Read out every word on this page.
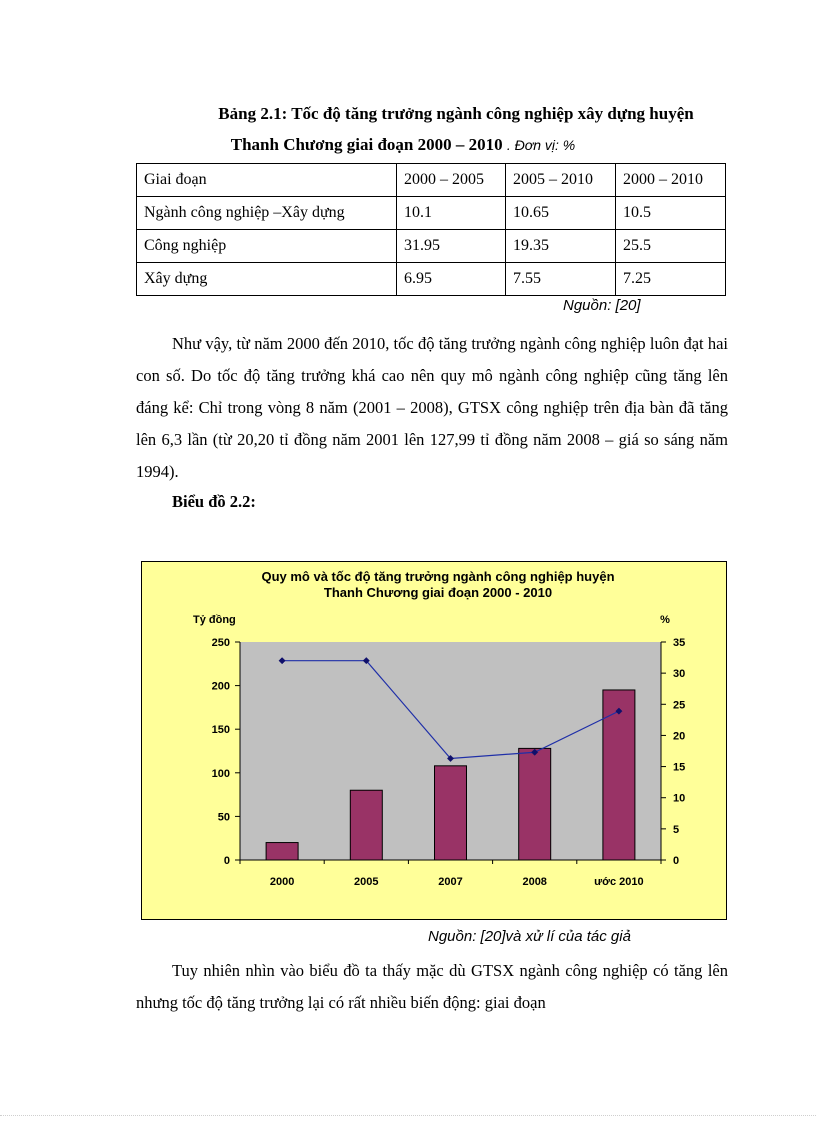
Bảng 2.1: Tốc độ tăng trưởng ngành công nghiệp xây dựng huyện
Thanh Chương giai đoạn 2000 – 2010 . Đơn vị: %
Giai đoạn	2000 – 2005	2005 – 2010	2000 – 2010
Ngành công nghiệp –Xây dựng	10.1	10.65	10.5
Công nghiệp	31.95	19.35	25.5
Xây dựng	6.95	7.55	7.25
Nguồn: [20]

Như vậy, từ năm 2000 đến 2010, tốc độ tăng trưởng ngành công nghiệp luôn đạt hai con số. Do tốc độ tăng trưởng khá cao nên quy mô ngành công nghiệp cũng tăng lên đáng kể: Chỉ trong vòng 8 năm (2001 – 2008), GTSX công nghiệp trên địa bàn đã tăng lên 6,3 lần (từ 20,20 tỉ đồng năm 2001 lên 127,99 tỉ đồng năm 2008 – giá so sáng năm 1994).

Biểu đồ 2.2:
Quy mô và tốc độ tăng trưởng ngành công nghiệp huyện
Thanh Chương giai đoạn 2000 - 2010
Tỷ đồng	%
0
50
100
150
200
250
0
5
10
15
20
25
30
35
2000	2005	2007	2008	ước 2010
Nguồn: [20]và xử lí của tác giả

Tuy nhiên nhìn vào biểu đồ ta thấy mặc dù GTSX ngành công nghiệp có tăng lên nhưng tốc độ tăng trưởng lại có rất nhiều biến động: giai đoạn
